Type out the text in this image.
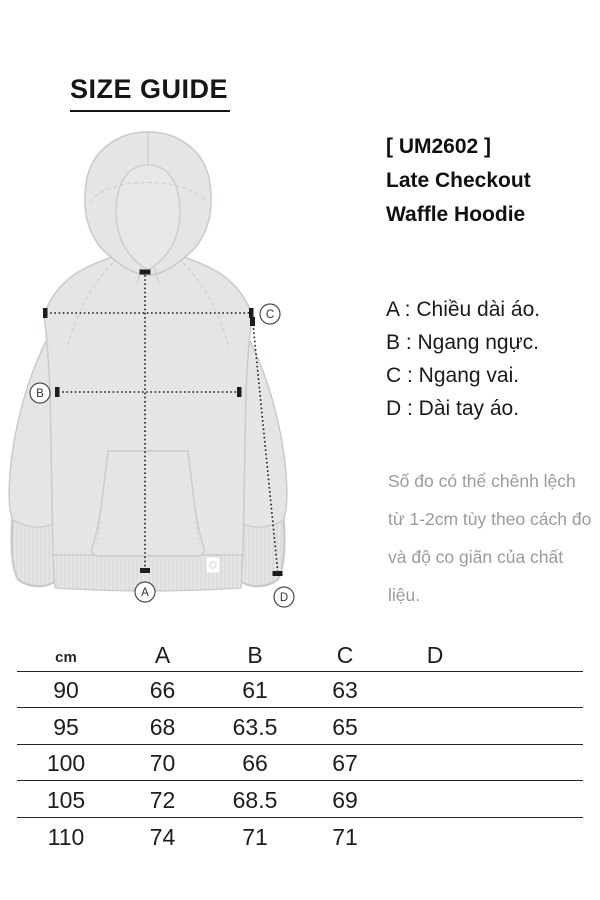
SIZE GUIDE
A
B
C
D
[ UM2602 ]
Late Checkout
Waffle Hoodie
A : Chiều dài áo.
B : Ngang ngực.
C : Ngang vai.
D : Dài tay áo.
Số đo có thể chênh lệch
từ 1-2cm tùy theo cách đo
và độ co giãn của chất liệu.
cm	A	B	C	D
90	66	61	63
95	68	63.5	65
100	70	66	67
105	72	68.5	69
110	74	71	71
